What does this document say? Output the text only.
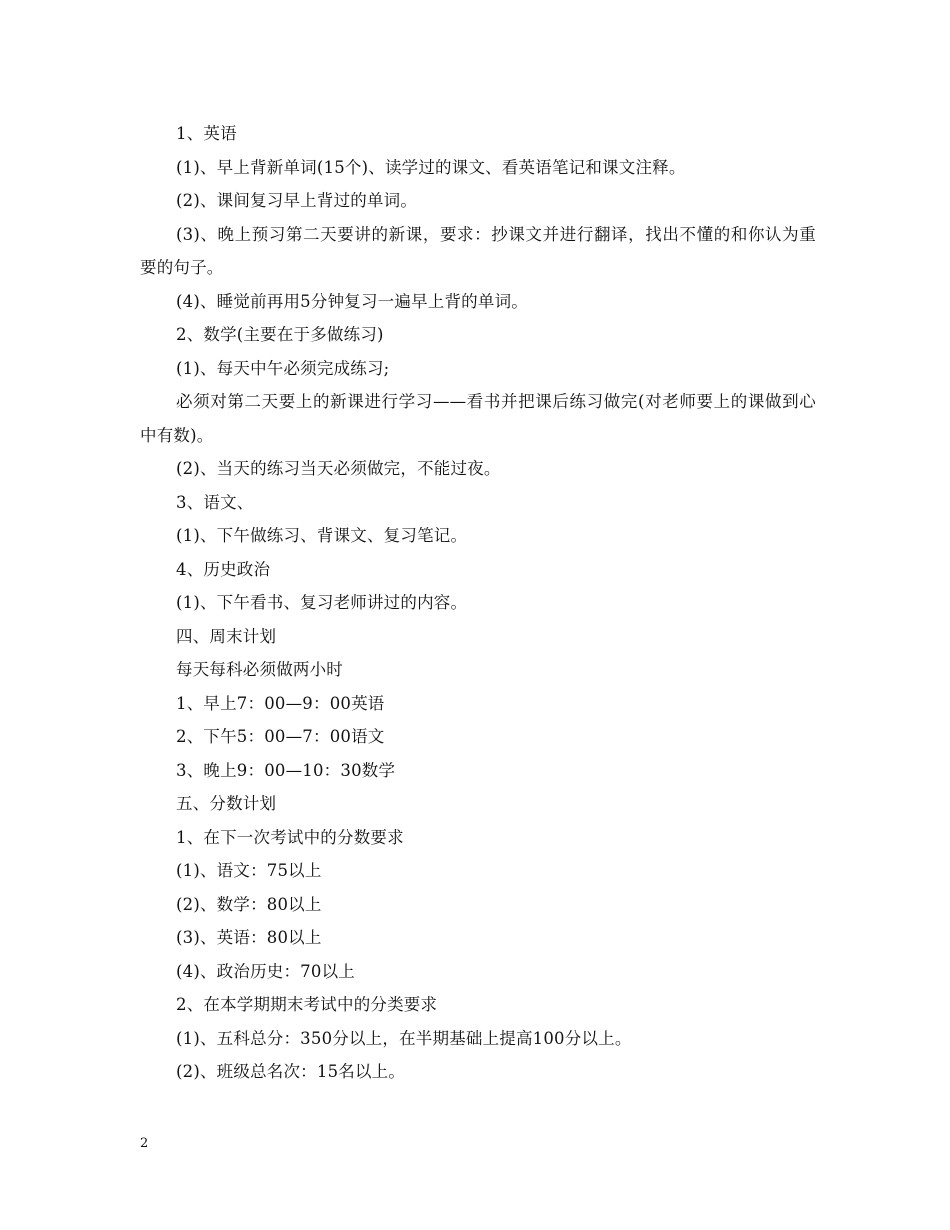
1、英语

(1)、早上背新单词(15个)、读学过的课文、看英语笔记和课文注释。

(2)、课间复习早上背过的单词。

(3)、晚上预习第二天要讲的新课，要求：抄课文并进行翻译，找出不懂的和你认为重要的句子。

(4)、睡觉前再用5分钟复习一遍早上背的单词。

2、数学(主要在于多做练习)

(1)、每天中午必须完成练习;

必须对第二天要上的新课进行学习——看书并把课后练习做完(对老师要上的课做到心中有数)。

(2)、当天的练习当天必须做完，不能过夜。

3、语文、

(1)、下午做练习、背课文、复习笔记。

4、历史政治

(1)、下午看书、复习老师讲过的内容。

四、周末计划

每天每科必须做两小时

1、早上7：00—9：00英语

2、下午5：00—7：00语文

3、晚上9：00—10：30数学

五、分数计划

1、在下一次考试中的分数要求

(1)、语文：75以上

(2)、数学：80以上

(3)、英语：80以上

(4)、政治历史：70以上

2、在本学期期末考试中的分类要求

(1)、五科总分：350分以上，在半期基础上提高100分以上。

(2)、班级总名次：15名以上。

2
